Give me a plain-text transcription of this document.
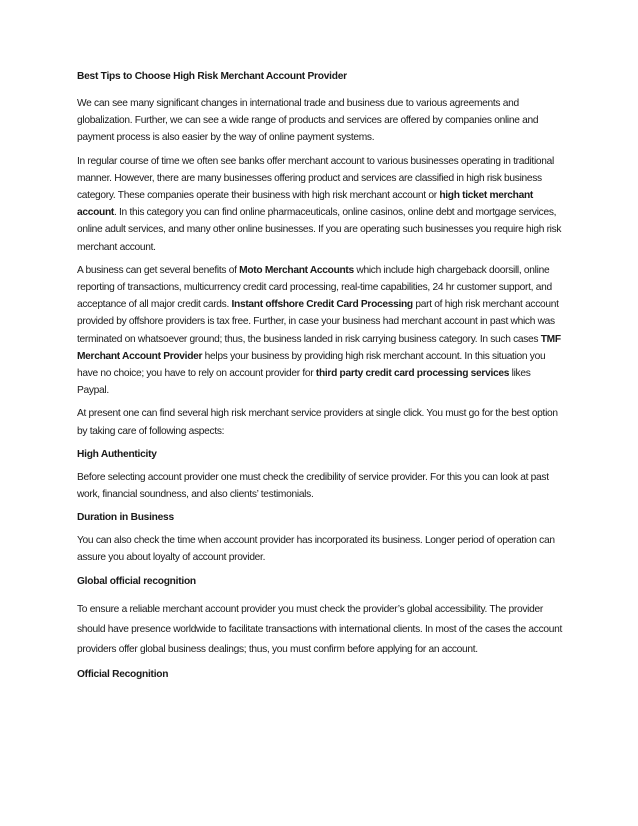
Best Tips to Choose High Risk Merchant Account Provider

We can see many significant changes in international trade and business due to various agreements and globalization. Further, we can see a wide range of products and services are offered by companies online and payment process is also easier by the way of online payment systems.

In regular course of time we often see banks offer merchant account to various businesses operating in traditional manner. However, there are many businesses offering product and services are classified in high risk business category. These companies operate their business with high risk merchant account or high ticket merchant account. In this category you can find online pharmaceuticals, online casinos, online debt and mortgage services, online adult services, and many other online businesses. If you are operating such businesses you require high risk merchant account.

A business can get several benefits of Moto Merchant Accounts which include high chargeback doorsill, online reporting of transactions, multicurrency credit card processing, real-time capabilities, 24 hr customer support, and acceptance of all major credit cards. Instant offshore Credit Card Processing part of high risk merchant account provided by offshore providers is tax free. Further, in case your business had merchant account in past which was terminated on whatsoever ground; thus, the business landed in risk carrying business category. In such cases TMF Merchant Account Provider helps your business by providing high risk merchant account. In this situation you have no choice; you have to rely on account provider for third party credit card processing services likes Paypal.

At present one can find several high risk merchant service providers at single click. You must go for the best option by taking care of following aspects:

High Authenticity

Before selecting account provider one must check the credibility of service provider. For this you can look at past work, financial soundness, and also clients’ testimonials.

Duration in Business

You can also check the time when account provider has incorporated its business. Longer period of operation can assure you about loyalty of account provider.

Global official recognition

To ensure a reliable merchant account provider you must check the provider’s global accessibility. The provider should have presence worldwide to facilitate transactions with international clients. In most of the cases the account providers offer global business dealings; thus, you must confirm before applying for an account.

Official Recognition
